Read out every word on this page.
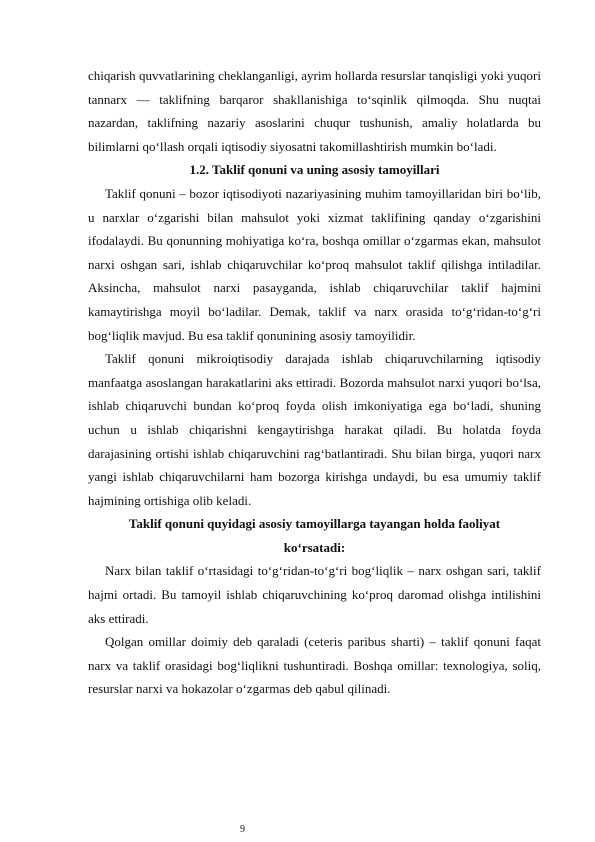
chiqarish quvvatlarining cheklanganligi, ayrim hollarda resurslar tanqisligi yoki yuqori tannarx — taklifning barqaror shakllanishiga to‘sqinlik qilmoqda. Shu nuqtai nazardan, taklifning nazariy asoslarini chuqur tushunish, amaliy holatlarda bu bilimlarni qo‘llash orqali iqtisodiy siyosatni takomillashtirish mumkin bo‘ladi.

1.2. Taklif qonuni va uning asosiy tamoyillari

Taklif qonuni – bozor iqtisodiyoti nazariyasining muhim tamoyillaridan biri bo‘lib, u narxlar o‘zgarishi bilan mahsulot yoki xizmat taklifining qanday o‘zgarishini ifodalaydi. Bu qonunning mohiyatiga ko‘ra, boshqa omillar o‘zgarmas ekan, mahsulot narxi oshgan sari, ishlab chiqaruvchilar ko‘proq mahsulot taklif qilishga intiladilar. Aksincha, mahsulot narxi pasayganda, ishlab chiqaruvchilar taklif hajmini kamaytirishga moyil bo‘ladilar. Demak, taklif va narx orasida to‘g‘ridan-to‘g‘ri bog‘liqlik mavjud. Bu esa taklif qonunining asosiy tamoyilidir.

Taklif qonuni mikroiqtisodiy darajada ishlab chiqaruvchilarning iqtisodiy manfaatga asoslangan harakatlarini aks ettiradi. Bozorda mahsulot narxi yuqori bo‘lsa, ishlab chiqaruvchi bundan ko‘proq foyda olish imkoniyatiga ega bo‘ladi, shuning uchun u ishlab chiqarishni kengaytirishga harakat qiladi. Bu holatda foyda darajasining ortishi ishlab chiqaruvchini rag‘batlantiradi. Shu bilan birga, yuqori narx yangi ishlab chiqaruvchilarni ham bozorga kirishga undaydi, bu esa umumiy taklif hajmining ortishiga olib keladi.

Taklif qonuni quyidagi asosiy tamoyillarga tayangan holda faoliyat ko‘rsatadi:

Narx bilan taklif o‘rtasidagi to‘g‘ridan-to‘g‘ri bog‘liqlik – narx oshgan sari, taklif hajmi ortadi. Bu tamoyil ishlab chiqaruvchining ko‘proq daromad olishga intilishini aks ettiradi.

Qolgan omillar doimiy deb qaraladi (ceteris paribus sharti) – taklif qonuni faqat narx va taklif orasidagi bog‘liqlikni tushuntiradi. Boshqa omillar: texnologiya, soliq, resurslar narxi va hokazolar o‘zgarmas deb qabul qilinadi.

9
